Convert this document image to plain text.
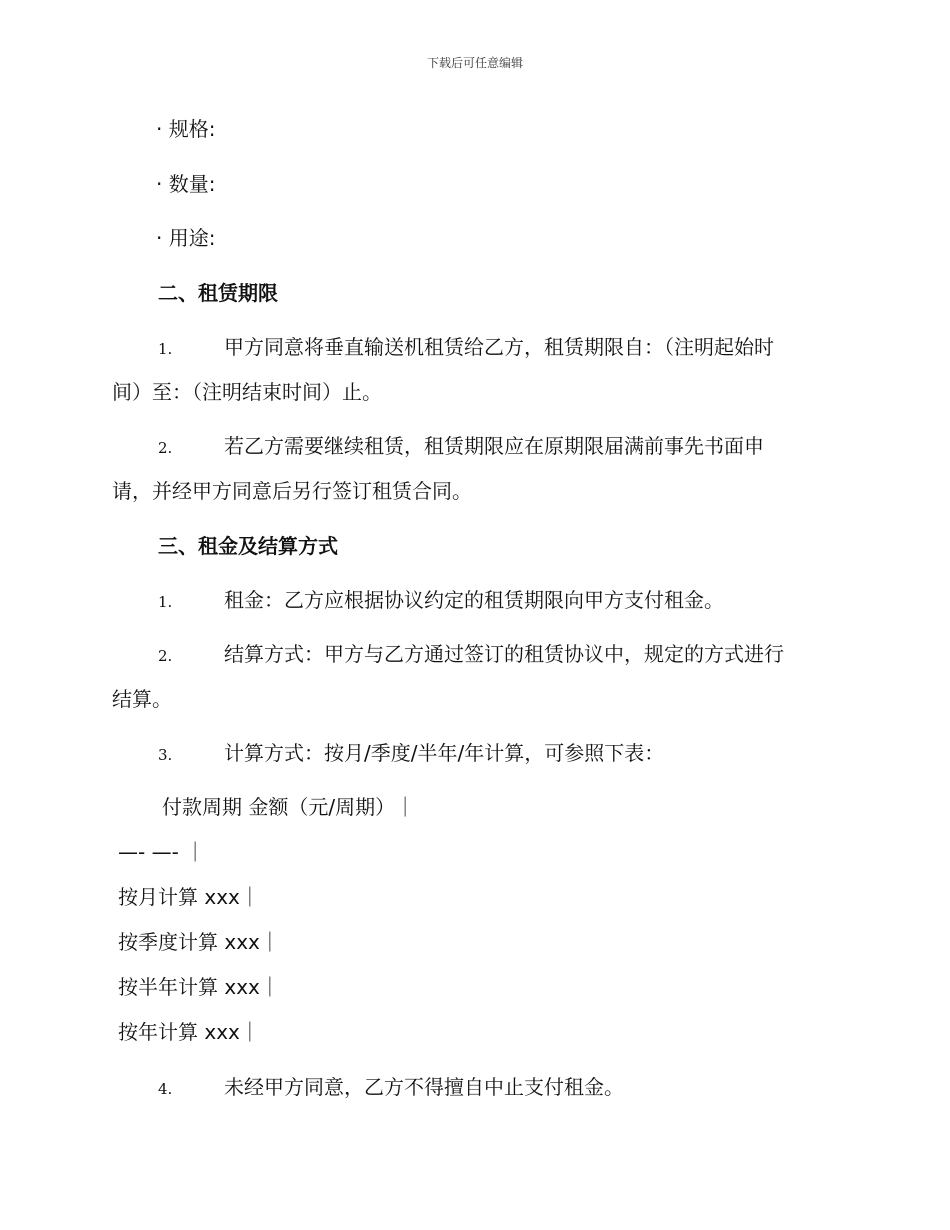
下载后可任意编辑
· 规格:
· 数量:
· 用途:
二、租赁期限
1.	甲方同意将垂直输送机租赁给乙方，租赁期限自：（注明起始时
间）至：（注明结束时间）止。
2.	若乙方需要继续租赁，租赁期限应在原期限届满前事先书面申
请，并经甲方同意后另行签订租赁合同。
三、租金及结算方式
1.	租金：乙方应根据协议约定的租赁期限向甲方支付租金。
2.	结算方式：甲方与乙方通过签订的租赁协议中，规定的方式进行
结算。
3.	计算方式：按月/季度/半年/年计算，可参照下表：
付款周期 金额（元/周期）｜
—- —- ｜
按月计算 xxx｜
按季度计算 xxx｜
按半年计算 xxx｜
按年计算 xxx｜
4.	未经甲方同意，乙方不得擅自中止支付租金。
